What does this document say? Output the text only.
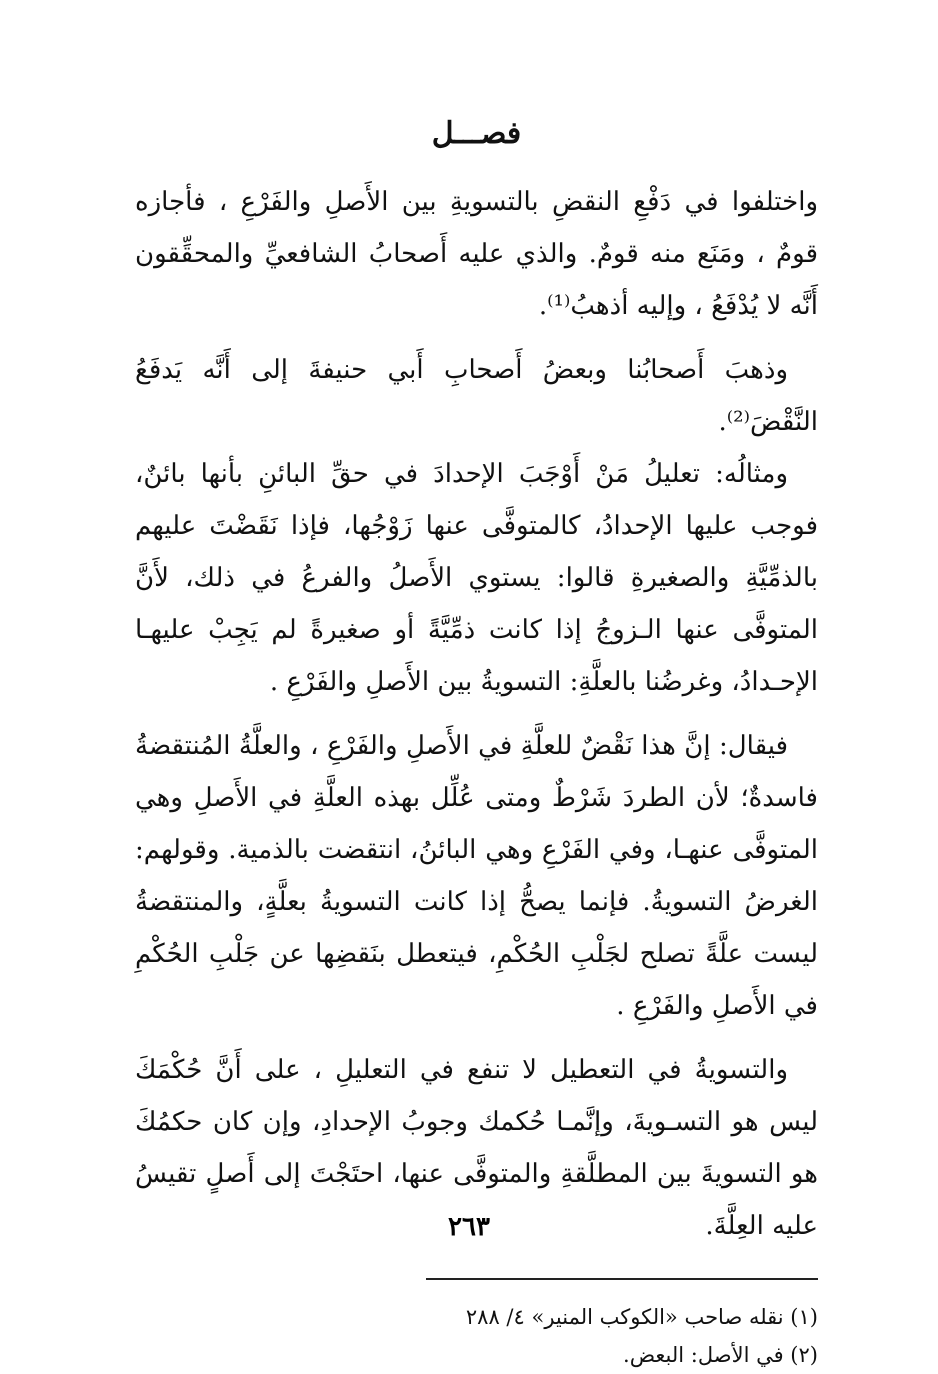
فصـــل

واختلفوا في دَفْعِ النقضِ بالتسويةِ بين الأَصلِ والفَرْعِ ، فأجازه قومٌ ، ومَنَع منه قومٌ. والذي عليه أَصحابُ الشافعيِّ والمحقِّقون أَنَّه لا يُدْفَعُ ، وإليه أذهبُ⁽¹⁾.

وذهبَ أَصحابُنا وبعضُ أَصحابِ أَبي حنيفةَ إلى أَنَّه يَدفَعُ النَّقْضَ⁽²⁾.

ومثالُه: تعليلُ مَنْ أَوْجَبَ الإحدادَ في حقِّ البائنِ بأنها بائنٌ، فوجب عليها الإحدادُ، كالمتوفَّى عنها زَوْجُها، فإذا نَقَضْتَ عليهم بالذمِّيَّةِ والصغيرةِ قالوا: يستوي الأَصلُ والفرعُ في ذلك، لأَنَّ المتوفَّى عنها الـزوجُ إذا كانت ذمِّيَّةً أو صغيرةً لم يَجِبْ عليهـا الإحـدادُ، وغرضُنا بالعلَّةِ: التسويةُ بين الأَصلِ والفَرْعِ .

فيقال: إنَّ هذا نَقْضٌ للعلَّةِ في الأَصلِ والفَرْعِ ، والعلَّةُ المُنتقضةُ فاسدةٌ؛ لأن الطردَ شَرْطٌ ومتى عُلِّل بهذه العلَّةِ في الأَصلِ وهي المتوفَّى عنهـا، وفي الفَرْعِ وهي البائنُ، انتقضت بالذمية. وقولهم: الغرضُ التسويةُ. فإنما يصحُّ إذا كانت التسويةُ بعلَّةٍ، والمنتقضةُ ليست علَّةً تصلح لجَلْبِ الحُكْمِ، فيتعطل بنَقضِها عن جَلْبِ الحُكْمِ في الأَصلِ والفَرْعِ .

والتسويةُ في التعطيل لا تنفع في التعليلِ ، على أَنَّ حُكْمَكَ ليس هو التسـويةَ، وإنَّمـا حُكمك وجوبُ الإحدادِ، وإن كان حكمُكَ هو التسويةَ بين المطلَّقةِ والمتوفَّى عنها، احتَجْتَ إلى أَصلٍ تقيسُ عليه العِلَّةَ.

(١) نقله صاحب «الكوكب المنير» ٤/ ٢٨٨

(٢) في الأصل: البعض.

٢٦٣
